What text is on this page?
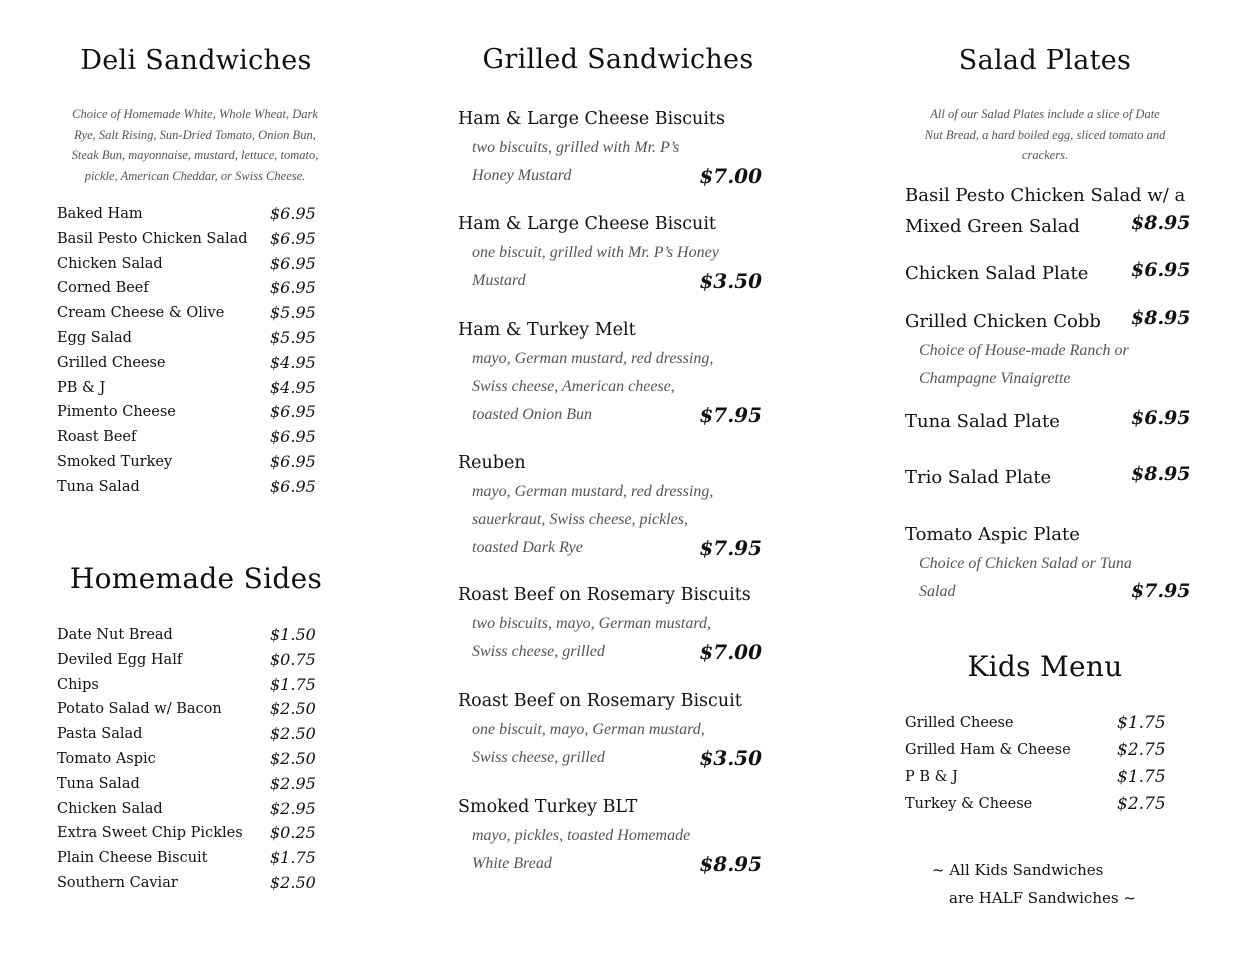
Deli Sandwiches
Choice of Homemade White, Whole Wheat, Dark
Rye, Salt Rising, Sun-Dried Tomato, Onion Bun,
Steak Bun, mayonnaise, mustard, lettuce, tomato,
pickle, American Cheddar, or Swiss Cheese.
Baked Ham	$6.95
Basil Pesto Chicken Salad $6.95
Chicken Salad	$6.95
Corned Beef	$6.95
Cream Cheese & Olive	$5.95
Egg Salad	$5.95
Grilled Cheese	$4.95
PB & J	$4.95
Pimento Cheese	$6.95
Roast Beef	$6.95
Smoked Turkey	$6.95
Tuna Salad	$6.95
Homemade Sides
Date Nut Bread	$1.50
Deviled Egg Half	$0.75
Chips	$1.75
Potato Salad w/ Bacon	$2.50
Pasta Salad	$2.50
Tomato Aspic	$2.50
Tuna Salad	$2.95
Chicken Salad	$2.95
Extra Sweet Chip Pickles $0.25
Plain Cheese Biscuit	$1.75
Southern Caviar	$2.50
Grilled Sandwiches
Ham & Large Cheese Biscuits
two biscuits, grilled with Mr. P’s
Honey Mustard	$7.00
Ham & Large Cheese Biscuit
one biscuit, grilled with Mr. P’s Honey
Mustard	$3.50
Ham & Turkey Melt
mayo, German mustard, red dressing,
Swiss cheese, American cheese,
toasted Onion Bun	$7.95
Reuben
mayo, German mustard, red dressing,
sauerkraut, Swiss cheese, pickles,
toasted Dark Rye	$7.95
Roast Beef on Rosemary Biscuits
two biscuits, mayo, German mustard,
Swiss cheese, grilled	$7.00
Roast Beef on Rosemary Biscuit
one biscuit, mayo, German mustard,
Swiss cheese, grilled	$3.50
Smoked Turkey BLT
mayo, pickles, toasted Homemade
White Bread	$8.95
Salad Plates
All of our Salad Plates include a slice of Date
Nut Bread, a hard boiled egg, sliced tomato and
crackers.
Basil Pesto Chicken Salad w/ a
Mixed Green Salad	$8.95
Chicken Salad Plate	$6.95
Grilled Chicken Cobb
Choice of House-made Ranch or
Champagne Vinaigrette
$8.95
Tuna Salad Plate	$6.95
Trio Salad Plate	$8.95
Tomato Aspic Plate
Choice of Chicken Salad or Tuna
Salad	$7.95
Kids Menu
Grilled Cheese	$1.75
Grilled Ham & Cheese	$2.75
P B & J	$1.75
Turkey & Cheese	$2.75
~ All Kids Sandwiches
are HALF Sandwiches ~
